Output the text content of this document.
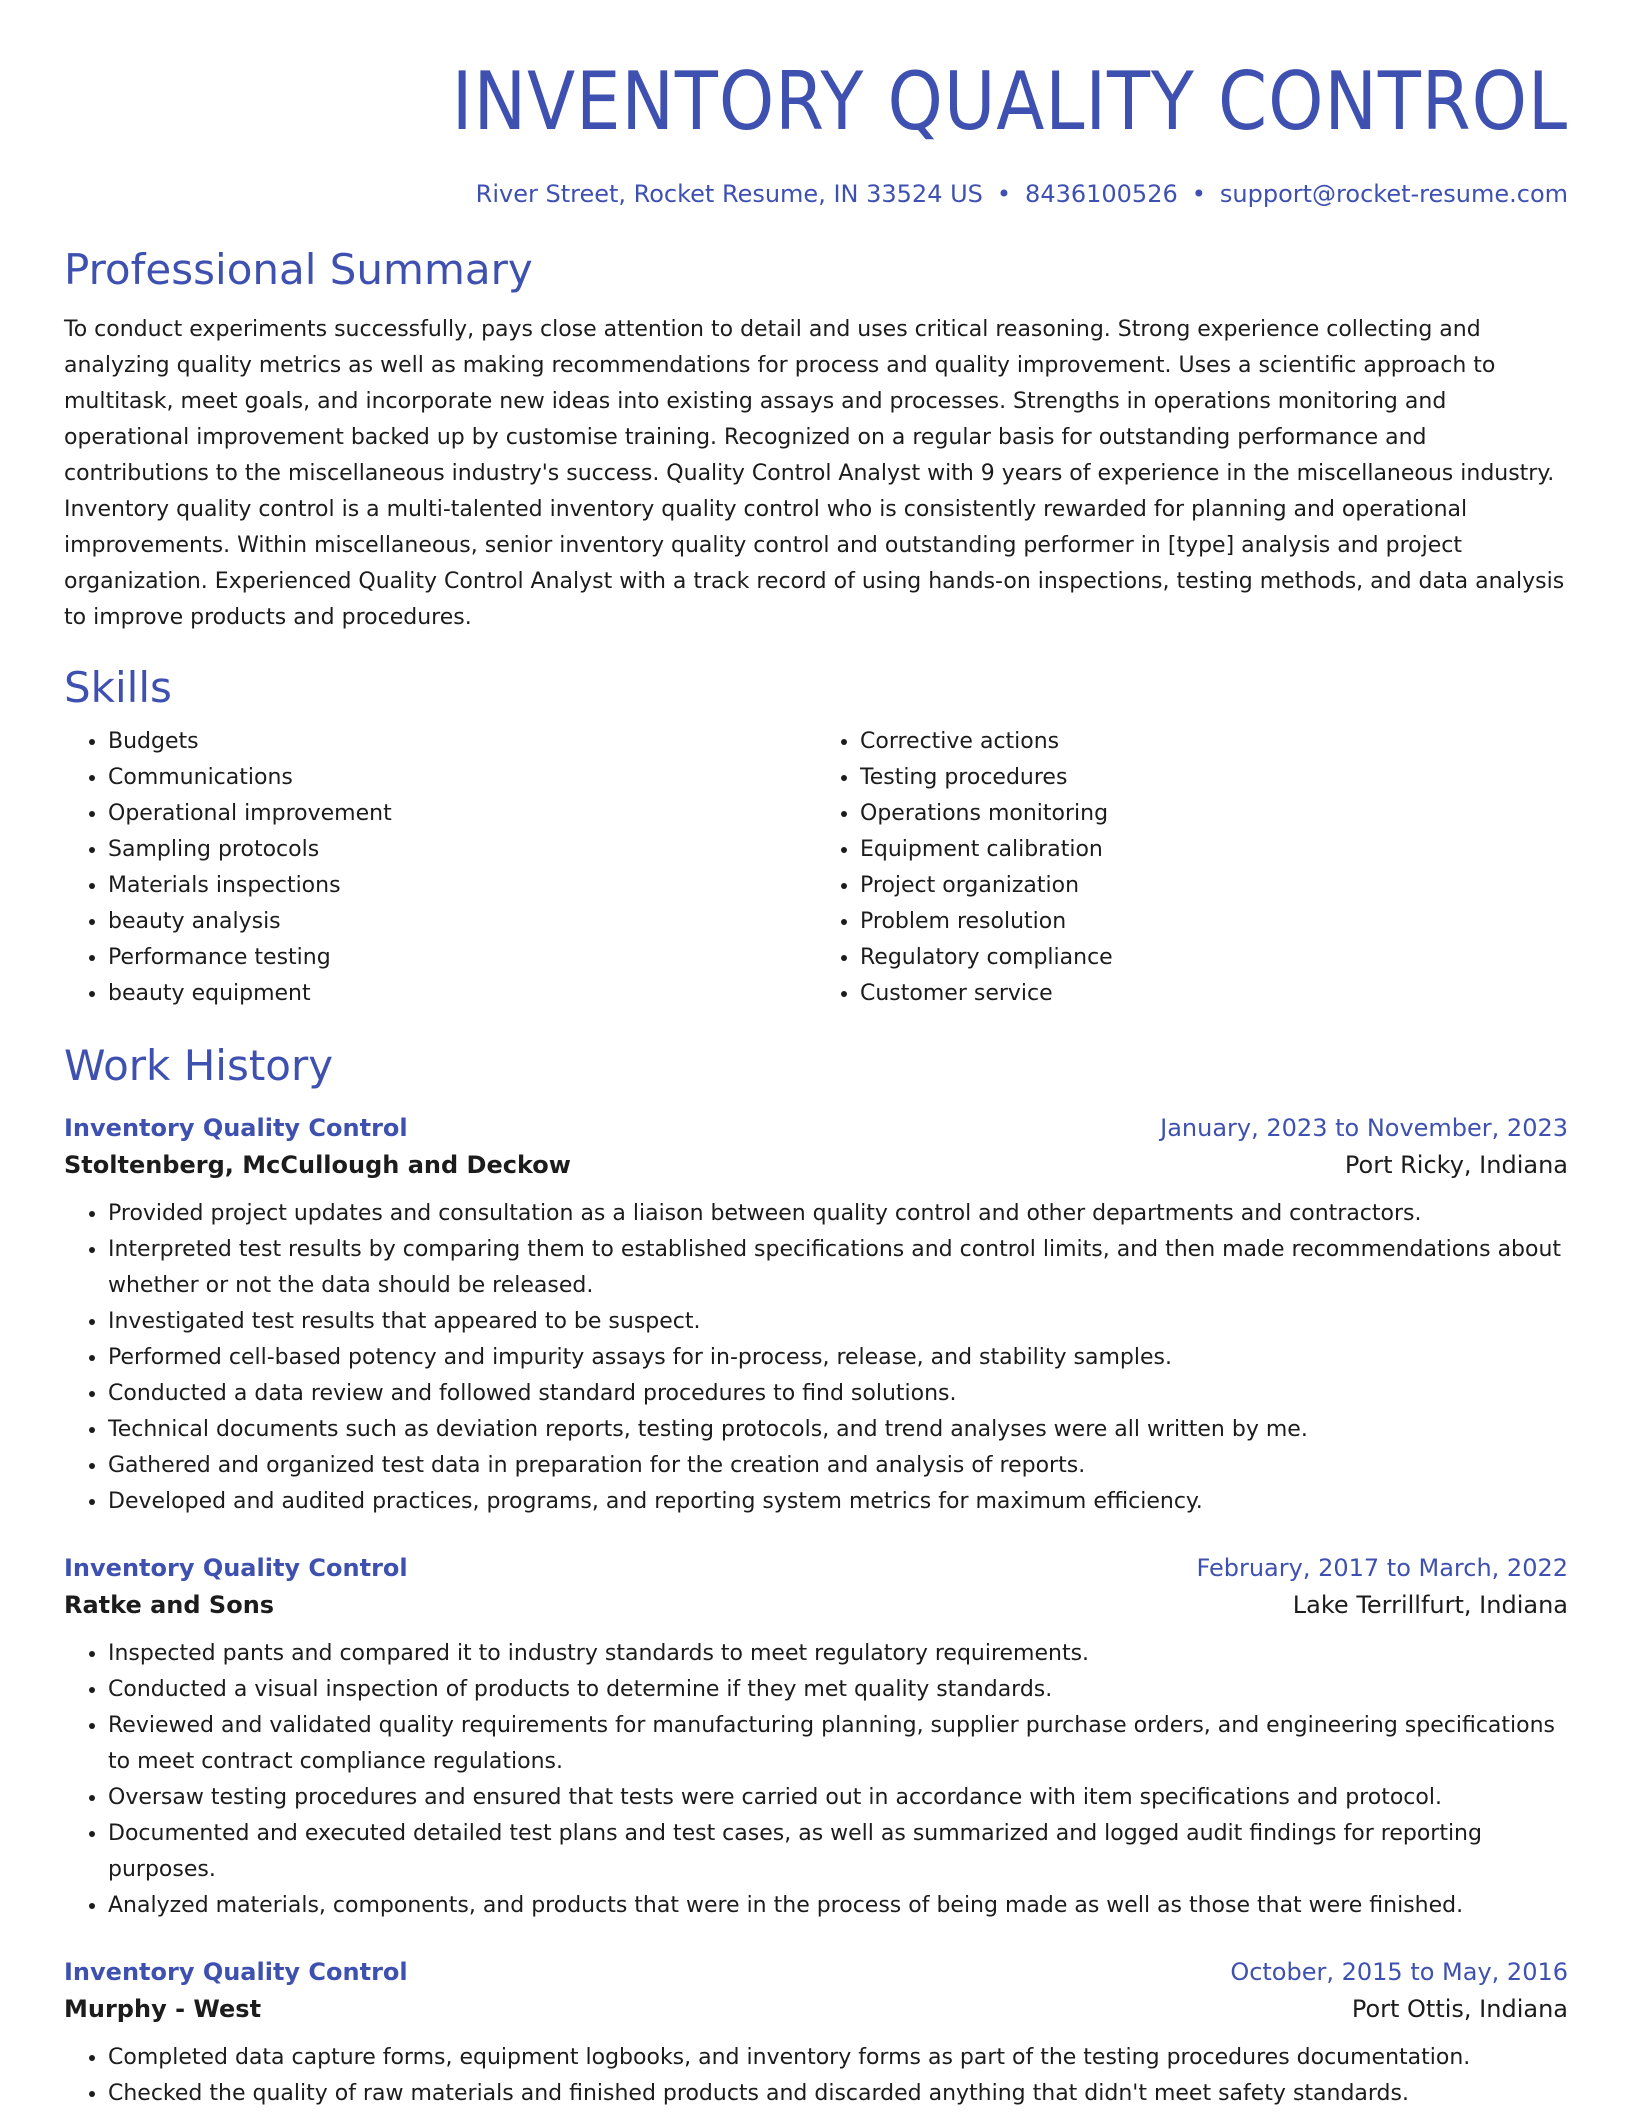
INVENTORY QUALITY CONTROL
River Street, Rocket Resume, IN 33524 US • 8436100526 • support@rocket-resume.com
Professional Summary

To conduct experiments successfully, pays close attention to detail and uses critical reasoning. Strong experience collecting and analyzing quality metrics as well as making recommendations for process and quality improvement. Uses a scientific approach to multitask, meet goals, and incorporate new ideas into existing assays and processes. Strengths in operations monitoring and operational improvement backed up by customise training. Recognized on a regular basis for outstanding performance and contributions to the miscellaneous industry's success. Quality Control Analyst with 9 years of experience in the miscellaneous industry. Inventory quality control is a multi-talented inventory quality control who is consistently rewarded for planning and operational improvements. Within miscellaneous, senior inventory quality control and outstanding performer in [type] analysis and project organization. Experienced Quality Control Analyst with a track record of using hands-on inspections, testing methods, and data analysis to improve products and procedures.

Skills
• Budgets
• Communications
• Operational improvement
• Sampling protocols
• Materials inspections
• beauty analysis
• Performance testing
• beauty equipment
• Corrective actions
• Testing procedures
• Operations monitoring
• Equipment calibration
• Project organization
• Problem resolution
• Regulatory compliance
• Customer service
Work History
Inventory Quality Control	January, 2023 to November, 2023
Stoltenberg, McCullough and Deckow	Port Ricky, Indiana
• Provided project updates and consultation as a liaison between quality control and other departments and contractors.
• Interpreted test results by comparing them to established specifications and control limits, and then made recommendations about whether or not the data should be released.
• Investigated test results that appeared to be suspect.
• Performed cell-based potency and impurity assays for in-process, release, and stability samples.
• Conducted a data review and followed standard procedures to find solutions.
• Technical documents such as deviation reports, testing protocols, and trend analyses were all written by me.
• Gathered and organized test data in preparation for the creation and analysis of reports.
• Developed and audited practices, programs, and reporting system metrics for maximum efficiency.
Inventory Quality Control	February, 2017 to March, 2022
Ratke and Sons	Lake Terrillfurt, Indiana
• Inspected pants and compared it to industry standards to meet regulatory requirements.
• Conducted a visual inspection of products to determine if they met quality standards.
• Reviewed and validated quality requirements for manufacturing planning, supplier purchase orders, and engineering specifications to meet contract compliance regulations.
• Oversaw testing procedures and ensured that tests were carried out in accordance with item specifications and protocol.
• Documented and executed detailed test plans and test cases, as well as summarized and logged audit findings for reporting purposes.
• Analyzed materials, components, and products that were in the process of being made as well as those that were finished.
Inventory Quality Control	October, 2015 to May, 2016
Murphy - West	Port Ottis, Indiana
• Completed data capture forms, equipment logbooks, and inventory forms as part of the testing procedures documentation.
• Checked the quality of raw materials and finished products and discarded anything that didn't meet safety standards.
